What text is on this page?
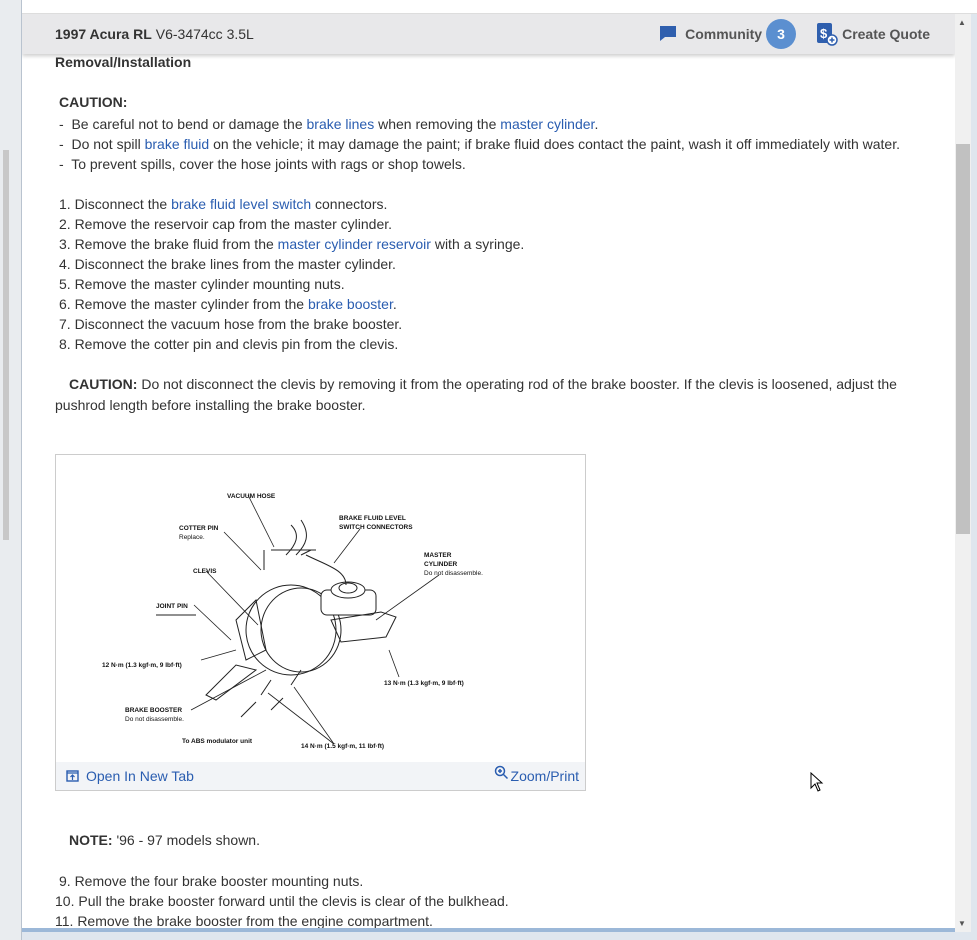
1997 Acura RL V6-3474cc 3.5L	Community	3	$ Create Quote
Removal/Installation
CAUTION:
-  Be careful not to bend or damage the brake lines when removing the master cylinder.
-  Do not spill brake fluid on the vehicle; it may damage the paint; if brake fluid does contact the paint, wash it off immediately with water.
-  To prevent spills, cover the hose joints with rags or shop towels.
1. Disconnect the brake fluid level switch connectors.
2. Remove the reservoir cap from the master cylinder.
3. Remove the brake fluid from the master cylinder reservoir with a syringe.
4. Disconnect the brake lines from the master cylinder.
5. Remove the master cylinder mounting nuts.
6. Remove the master cylinder from the brake booster.
7. Disconnect the vacuum hose from the brake booster.
8. Remove the cotter pin and clevis pin from the clevis.
CAUTION: Do not disconnect the clevis by removing it from the operating rod of the brake booster. If the clevis is loosened, adjust the
pushrod length before installing the brake booster.
NOTE: '96 - 97 models shown.
9. Remove the four brake booster mounting nuts.
10. Pull the brake booster forward until the clevis is clear of the bulkhead.
11. Remove the brake booster from the engine compartment.
VACUUM HOSE
COTTER PIN
Replace.
BRAKE FLUID LEVEL
SWITCH CONNECTORS
MASTER
CYLINDER
Do not disassemble.
CLEVIS
JOINT PIN
12 N·m (1.3 kgf·m, 9 lbf·ft)
13 N·m (1.3 kgf·m, 9 lbf·ft)
BRAKE BOOSTER
Do not disassemble.
To ABS modulator unit
14 N·m (1.5 kgf·m, 11 lbf·ft)
Open In New Tab	Zoom/Print
▲
▼
